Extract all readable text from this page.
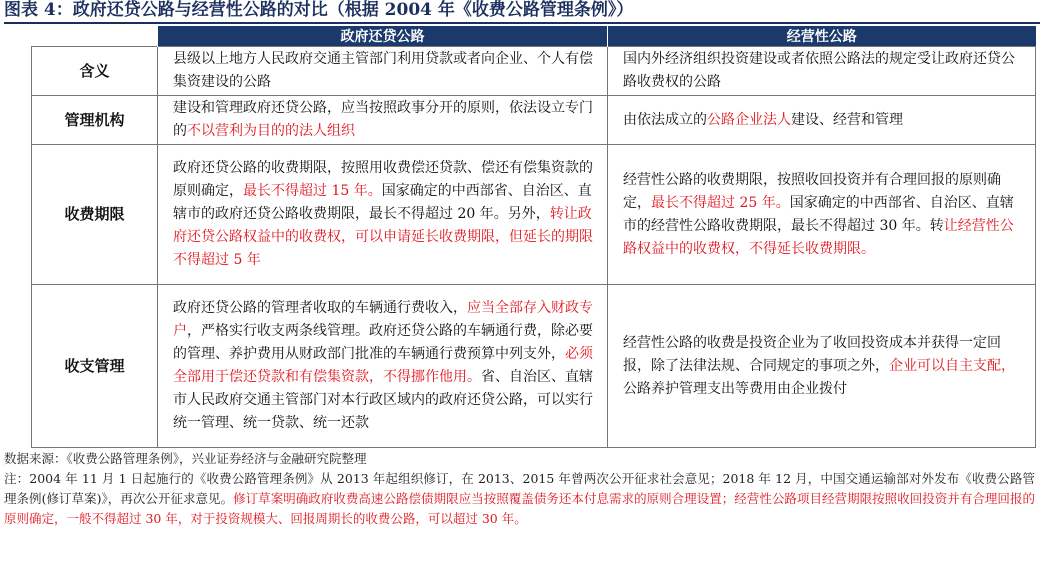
图表 4：政府还贷公路与经营性公路的对比（根据 2004 年《收费公路管理条例》）
	政府还贷公路	经营性公路
含义	县级以上地方人民政府交通主管部门利用贷款或者向企业、个人有偿集资建设的公路	国内外经济组织投资建设或者依照公路法的规定受让政府还贷公路收费权的公路
管理机构	建设和管理政府还贷公路，应当按照政事分开的原则，依法设立专门的不以营利为目的的法人组织	由依法成立的公路企业法人建设、经营和管理
收费期限	政府还贷公路的收费期限，按照用收费偿还贷款、偿还有偿集资款的原则确定，最长不得超过 15 年。国家确定的中西部省、自治区、直辖市的政府还贷公路收费期限，最长不得超过 20 年。另外，转让政府还贷公路权益中的收费权，可以申请延长收费期限，但延长的期限不得超过 5 年	经营性公路的收费期限，按照收回投资并有合理回报的原则确定，最长不得超过 25 年。国家确定的中西部省、自治区、直辖市的经营性公路收费期限，最长不得超过 30 年。转让经营性公路权益中的收费权，不得延长收费期限。
收支管理	政府还贷公路的管理者收取的车辆通行费收入，应当全部存入财政专户，严格实行收支两条线管理。政府还贷公路的车辆通行费，除必要的管理、养护费用从财政部门批准的车辆通行费预算中列支外，必须全部用于偿还贷款和有偿集资款，不得挪作他用。省、自治区、直辖市人民政府交通主管部门对本行政区域内的政府还贷公路，可以实行统一管理、统一贷款、统一还款	经营性公路的收费是投资企业为了收回投资成本并获得一定回报，除了法律法规、合同规定的事项之外，企业可以自主支配，公路养护管理支出等费用由企业拨付
数据来源：《收费公路管理条例》，兴业证券经济与金融研究院整理
注：2004 年 11 月 1 日起施行的《收费公路管理条例》从 2013 年起组织修订，在 2013、2015 年曾两次公开征求社会意见；2018 年 12 月，中国交通运输部对外发布《收费公路管理条例(修订草案)》，再次公开征求意见。修订草案明确政府收费高速公路偿债期限应当按照覆盖债务还本付息需求的原则合理设置；经营性公路项目经营期限按照收回投资并有合理回报的原则确定，一般不得超过 30 年，对于投资规模大、回报周期长的收费公路，可以超过 30 年。
